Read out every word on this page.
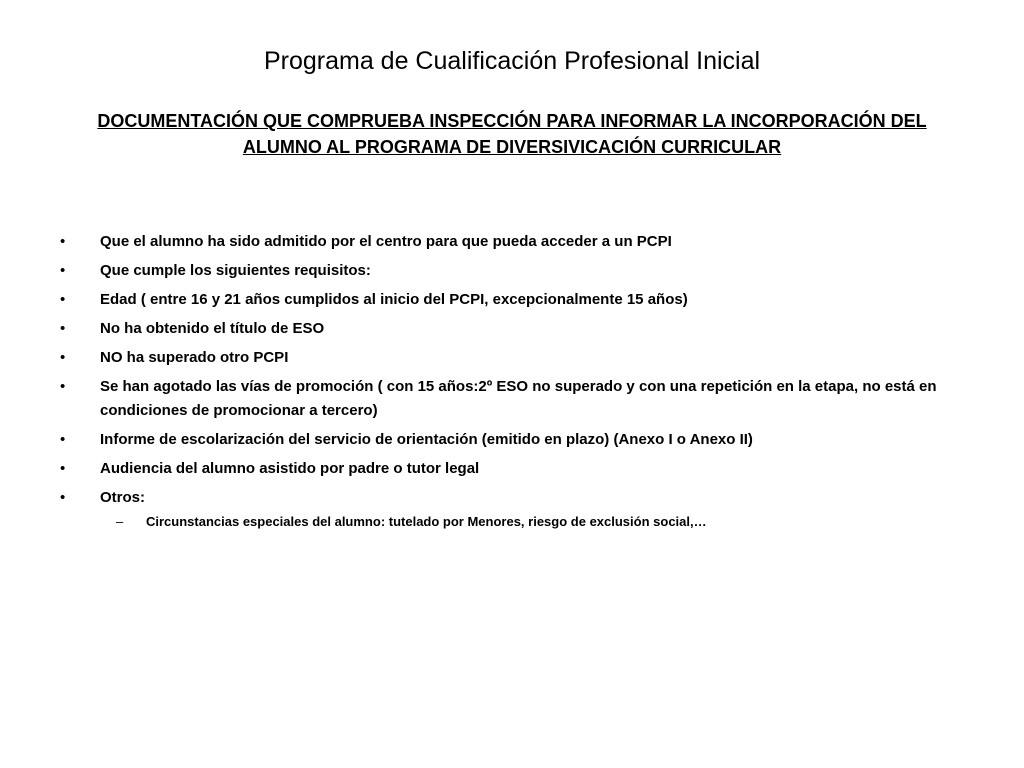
Programa de Cualificación Profesional Inicial
DOCUMENTACIÓN QUE COMPRUEBA INSPECCIÓN PARA INFORMAR LA INCORPORACIÓN DEL ALUMNO AL PROGRAMA DE DIVERSIVICACIÓN CURRICULAR
• Que el alumno ha sido admitido por el centro para que pueda acceder a un PCPI
• Que cumple los siguientes requisitos:
• Edad ( entre 16 y 21 años cumplidos al inicio del PCPI, excepcionalmente 15 años)
• No ha obtenido el título de ESO
• NO ha superado otro PCPI
• Se han agotado las vías de promoción ( con 15 años:2º ESO no superado y con una repetición en la etapa, no está en condiciones de promocionar a tercero)
• Informe de escolarización del servicio de orientación (emitido en plazo) (Anexo I o Anexo II)
• Audiencia del alumno asistido por padre o tutor legal
• Otros:
– Circunstancias especiales del alumno: tutelado por Menores, riesgo de exclusión social,…
